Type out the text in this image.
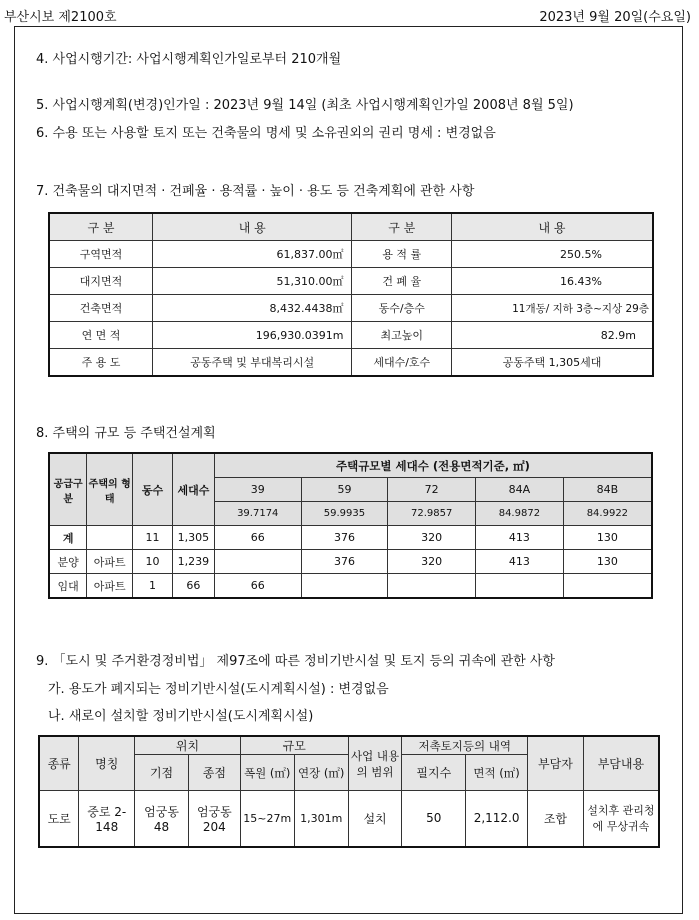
부산시보 제2100호	2023년 9월 20일(수요일)
4. 사업시행기간: 사업시행계획인가일로부터 210개월
5. 사업시행계획(변경)인가일 : 2023년 9월 14일 (최초 사업시행계획인가일 2008년 8월 5일)
6. 수용 또는 사용할 토지 또는 건축물의 명세 및 소유권외의 권리 명세 : 변경없음
7. 건축물의 대지면적 · 건폐율 · 용적률 · 높이 · 용도 등 건축계획에 관한 사항
구 분	내 용	구 분	내 용
구역면적	61,837.00㎡	용 적 률	250.5%
대지면적	51,310.00㎡	건 폐 율	16.43%
건축면적	8,432.4438㎡	동수/층수	11개동/ 지하 3층~지상 29층
연 면 적	196,930.0391m	최고높이	82.9m
주 용 도	공동주택 및 부대복리시설	세대수/호수	공동주택 1,305세대
8. 주택의 규모 등 주택건설계획
공급구분	주택의 형태	동수	세대수	주택규모별 세대수 (전용면적기준, ㎡)				
				39	59	72	84A	84B
				39.7174	59.9935	72.9857	84.9872	84.9922
계		11	1,305	66	376	320	413	130
분양	아파트	10	1,239		376	320	413	130
임대	아파트	1	66	66				
9. 「도시 및 주거환경정비법」 제97조에 따른 정비기반시설 및 토지 등의 귀속에 관한 사항
가. 용도가 폐지되는 정비기반시설(도시계획시설) : 변경없음
나. 새로이 설치할 정비기반시설(도시계획시설)
종류	명칭	위치		규모		사업 내용의 범위	저촉토지등의 내역		부담자	부담내용
		기점	종점	폭원 (㎡)	연장 (㎡)		필지수	면적 (㎡)		
도로	중로 2-148	엄궁동 48	엄궁동 204	15~27m	1,301m	설치	50	2,112.0	조합	설치후 관리청에 무상귀속
